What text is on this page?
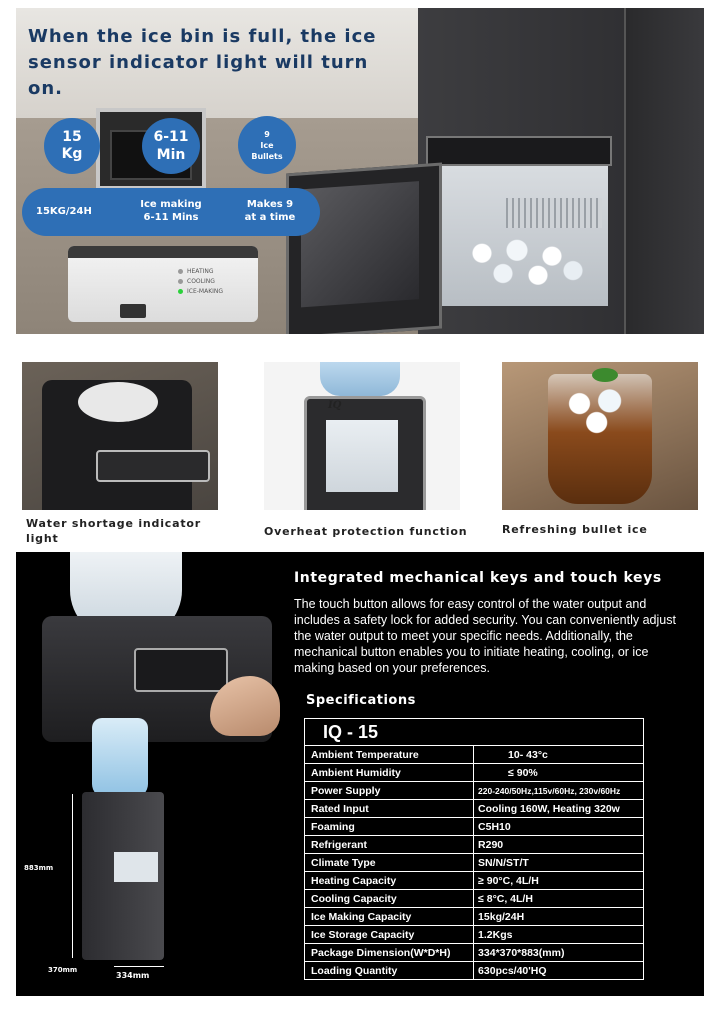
When the ice bin is full, the ice sensor indicator light will turn on.
15
Kg
6-11
Min
9
Ice
Bullets
15KG/24H
Ice making
6-11 Mins
Makes 9
at a time
HEATING
COOLING
ICE-MAKING
IQ
Water shortage indicator
light
Overheat protection function	Refreshing bullet ice
883mm
370mm
334mm
Integrated mechanical keys and touch keys
The touch button allows for easy control of the water output and includes a safety lock for added security. You can conveniently adjust the water output to meet your specific needs. Additionally, the mechanical button enables you to initiate heating, cooling, or ice making based on your preferences.
Specifications
IQ - 15	
Ambient Temperature	10- 43°c
Ambient Humidity	≤ 90%
Power Supply	220-240/50Hz,115v/60Hz, 230v/60Hz
Rated Input	Cooling 160W, Heating 320w
Foaming	C5H10
Refrigerant	R290
Climate Type	SN/N/ST/T
Heating Capacity	≥ 90°C, 4L/H
Cooling Capacity	≤ 8°C, 4L/H
Ice Making Capacity	15kg/24H
Ice Storage Capacity	1.2Kgs
Package Dimension(W*D*H)	334*370*883(mm)
Loading Quantity	630pcs/40'HQ
